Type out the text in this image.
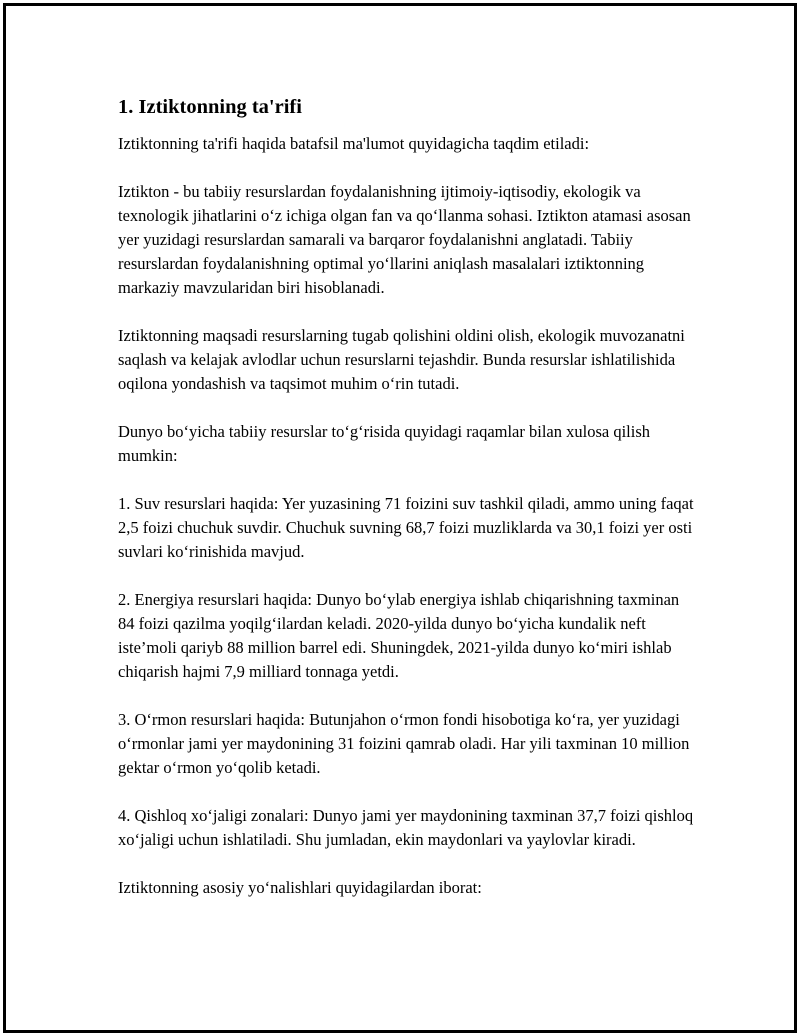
1. Iztiktonning ta'rifi

Iztiktonning ta'rifi haqida batafsil ma'lumot quyidagicha taqdim etiladi:

Iztikton - bu tabiiy resurslardan foydalanishning ijtimoiy-iqtisodiy, ekologik va texnologik jihatlarini o‘z ichiga olgan fan va qo‘llanma sohasi. Iztikton atamasi asosan yer yuzidagi resurslardan samarali va barqaror foydalanishni anglatadi. Tabiiy resurslardan foydalanishning optimal yo‘llarini aniqlash masalalari iztiktonning markaziy mavzularidan biri hisoblanadi.

Iztiktonning maqsadi resurslarning tugab qolishini oldini olish, ekologik muvozanatni saqlash va kelajak avlodlar uchun resurslarni tejashdir. Bunda resurslar ishlatilishida oqilona yondashish va taqsimot muhim o‘rin tutadi.

Dunyo bo‘yicha tabiiy resurslar to‘g‘risida quyidagi raqamlar bilan xulosa qilish mumkin:

1. Suv resurslari haqida: Yer yuzasining 71 foizini suv tashkil qiladi, ammo uning faqat 2,5 foizi chuchuk suvdir. Chuchuk suvning 68,7 foizi muzliklarda va 30,1 foizi yer osti suvlari ko‘rinishida mavjud.

2. Energiya resurslari haqida: Dunyo bo‘ylab energiya ishlab chiqarishning taxminan 84 foizi qazilma yoqilg‘ilardan keladi. 2020-yilda dunyo bo‘yicha kundalik neft iste’moli qariyb 88 million barrel edi. Shuningdek, 2021-yilda dunyo ko‘miri ishlab chiqarish hajmi 7,9 milliard tonnaga yetdi.

3. O‘rmon resurslari haqida: Butunjahon o‘rmon fondi hisobotiga ko‘ra, yer yuzidagi o‘rmonlar jami yer maydonining 31 foizini qamrab oladi. Har yili taxminan 10 million gektar o‘rmon yo‘qolib ketadi.

4. Qishloq xo‘jaligi zonalari: Dunyo jami yer maydonining taxminan 37,7 foizi qishloq xo‘jaligi uchun ishlatiladi. Shu jumladan, ekin maydonlari va yaylovlar kiradi.

Iztiktonning asosiy yo‘nalishlari quyidagilardan iborat:
